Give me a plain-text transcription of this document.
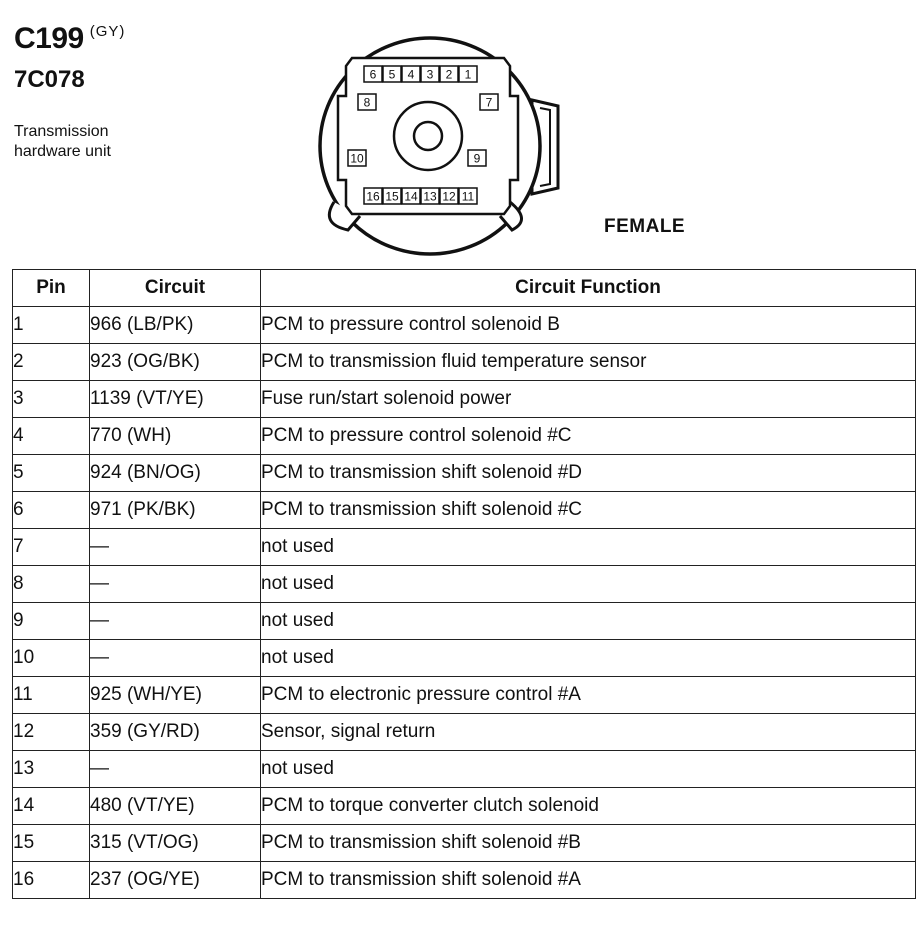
C199 (GY)
7C078
Transmission hardware unit
1
2
3
4
5
6
7
8
9
10
11
12
13
14
15
16
FEMALE
Pin	Circuit	Circuit Function
1	966 (LB/PK)	PCM to pressure control solenoid B
2	923 (OG/BK)	PCM to transmission fluid temperature sensor
3	1139 (VT/YE)	Fuse run/start solenoid power
4	770 (WH)	PCM to pressure control solenoid #C
5	924 (BN/OG)	PCM to transmission shift solenoid #D
6	971 (PK/BK)	PCM to transmission shift solenoid #C
7	—	not used
8	—	not used
9	—	not used
10	—	not used
11	925 (WH/YE)	PCM to electronic pressure control #A
12	359 (GY/RD)	Sensor, signal return
13	—	not used
14	480 (VT/YE)	PCM to torque converter clutch solenoid
15	315 (VT/OG)	PCM to transmission shift solenoid #B
16	237 (OG/YE)	PCM to transmission shift solenoid #A
